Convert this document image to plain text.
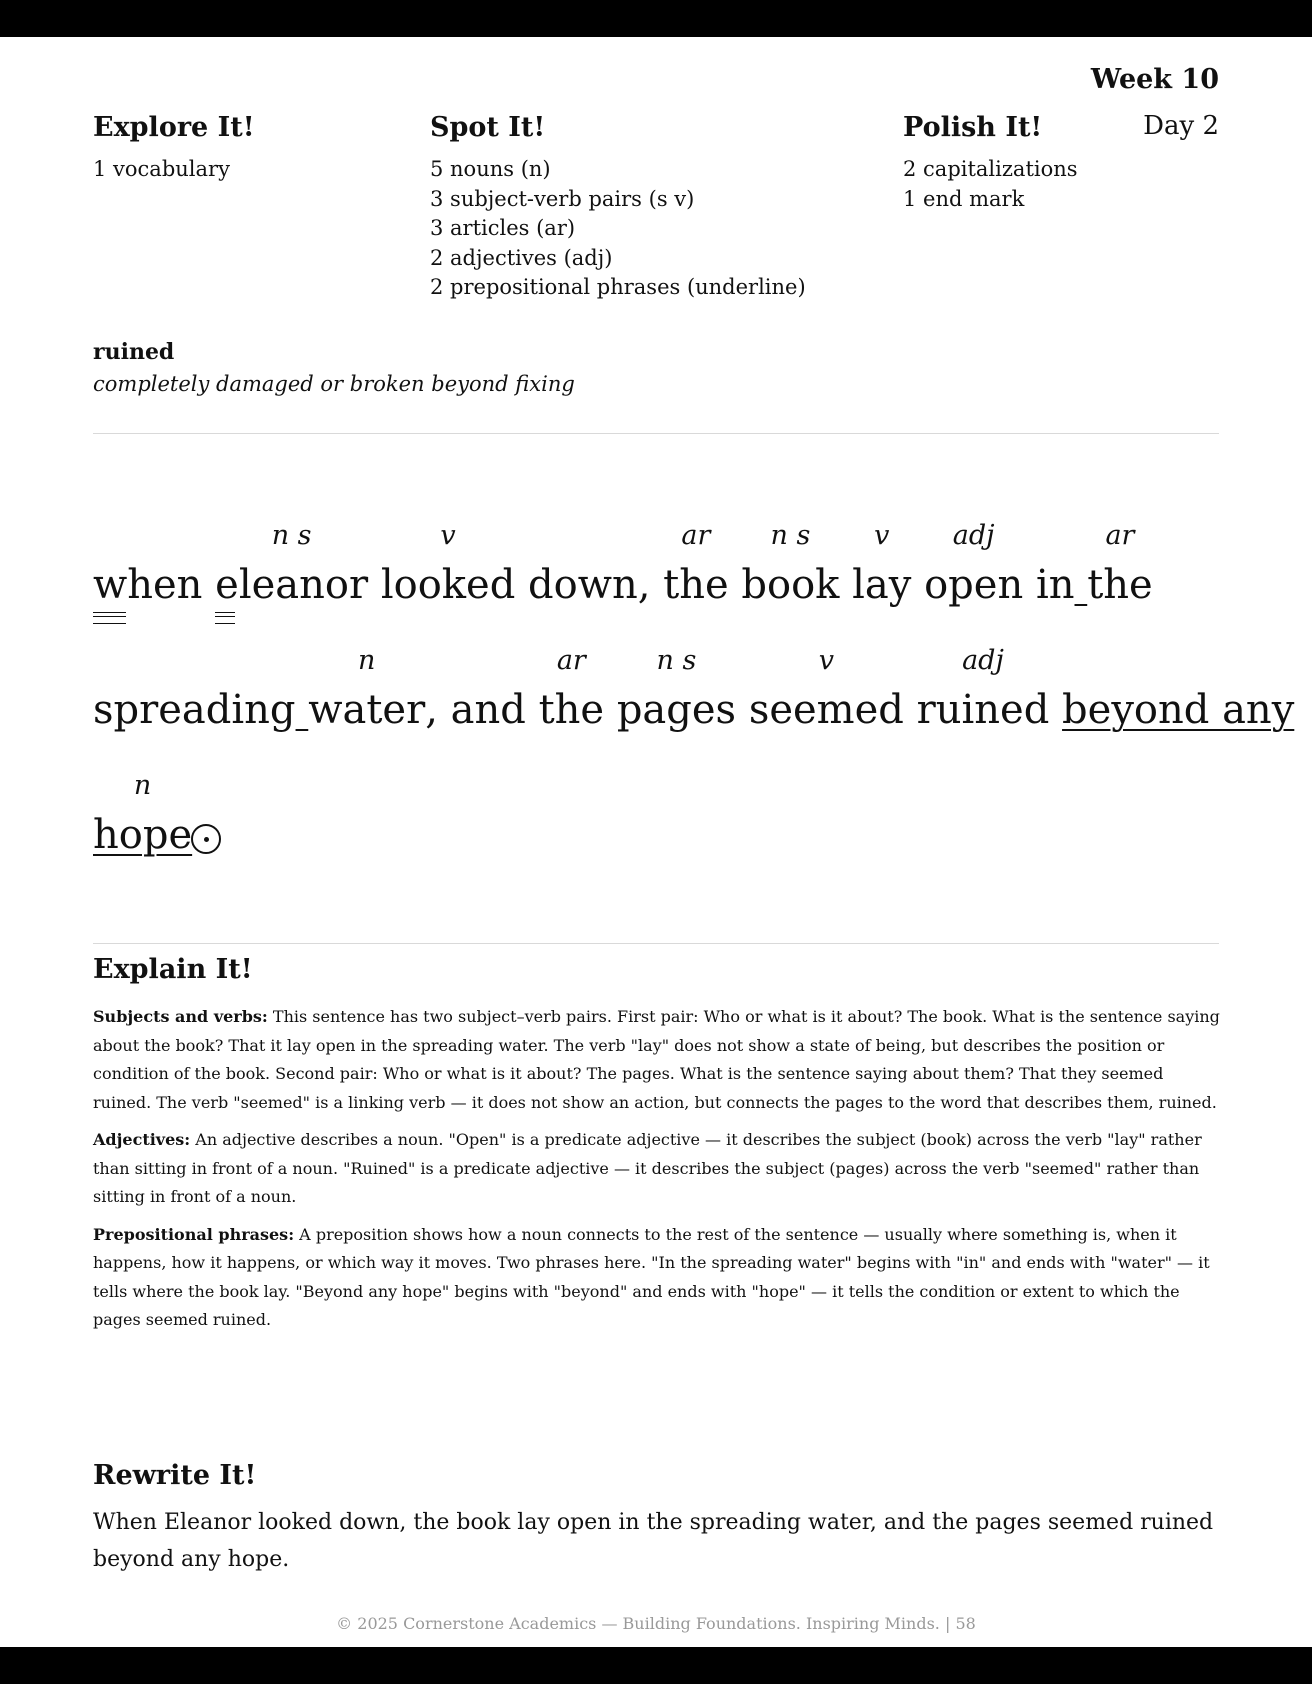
Week 10
Day 2
Explore It!
1 vocabulary
Spot It!
5 nouns (n)
3 subject-verb pairs (s v)
3 articles (ar)
2 adjectives (adj)
2 prepositional phrases (underline)
Polish It!
2 capitalizations
1 end mark
ruined
completely damaged or broken beyond fixing
when
n s
eleanor
v
looked down,
ar
the
n s
book
v
lay
adj
open in
ar
the
spreading
n
water, and
ar
the
n s
pages
v
seemed
adj
ruined beyond any
n
hope
Explain It!

Subjects and verbs: This sentence has two subject–verb pairs. First pair: Who or what is it about? The book. What is the sentence saying about the book? That it lay open in the spreading water. The verb "lay" does not show a state of being, but describes the position or condition of the book. Second pair: Who or what is it about? The pages. What is the sentence saying about them? That they seemed ruined. The verb "seemed" is a linking verb — it does not show an action, but connects the pages to the word that describes them, ruined.

Adjectives: An adjective describes a noun. "Open" is a predicate adjective — it describes the subject (book) across the verb "lay" rather than sitting in front of a noun. "Ruined" is a predicate adjective — it describes the subject (pages) across the verb "seemed" rather than sitting in front of a noun.

Prepositional phrases: A preposition shows how a noun connects to the rest of the sentence — usually where something is, when it happens, how it happens, or which way it moves. Two phrases here. "In the spreading water" begins with "in" and ends with "water" — it tells where the book lay. "Beyond any hope" begins with "beyond" and ends with "hope" — it tells the condition or extent to which the pages seemed ruined.

Rewrite It!
When Eleanor looked down, the book lay open in the spreading water, and the pages seemed ruined beyond any hope.
© 2025 Cornerstone Academics — Building Foundations. Inspiring Minds. | 58
